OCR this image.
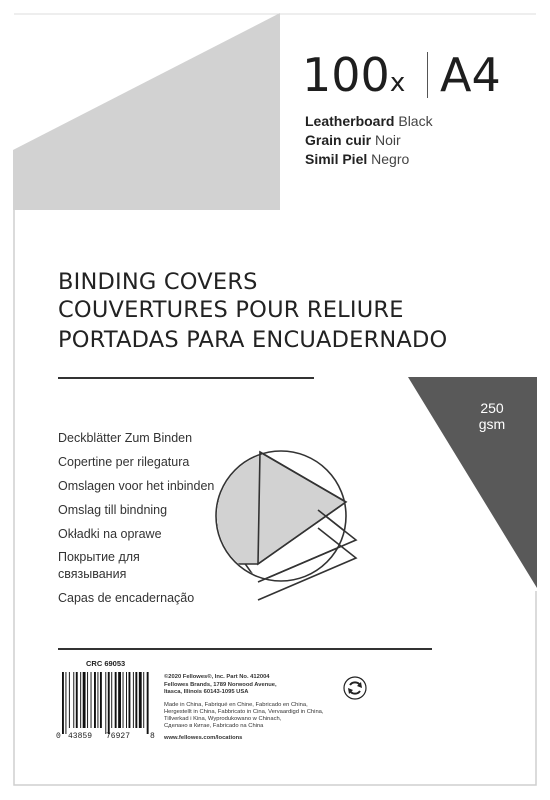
100x A4
Leatherboard Black
Grain cuir Noir
Simil Piel Negro
BINDING COVERS
COUVERTURES POUR RELIURE
PORTADAS PARA ENCUADERNADO
Deckblätter Zum Binden
Copertine per rilegatura
Omslagen voor het inbinden
Omslag till bindning
Okładki na oprawe
Покрытие для
связывания
Capas de encadernação
250
gsm
CRC 69053
0 43859 76927 8
©2020 Fellowes®, Inc. Part No. 412004
Fellowes Brands, 1789 Norwood Avenue,
Itasca, Illinois 60143-1095 USA
Made in China, Fabriqué en Chine, Fabricado en China,
Hergestellt in China, Fabbricato in Cina, Vervaardigd in China,
Tillverkad i Kina, Wyprodukowano w Chinach,
Сделано в Китае, Fabricado na China
www.fellowes.com/locations
